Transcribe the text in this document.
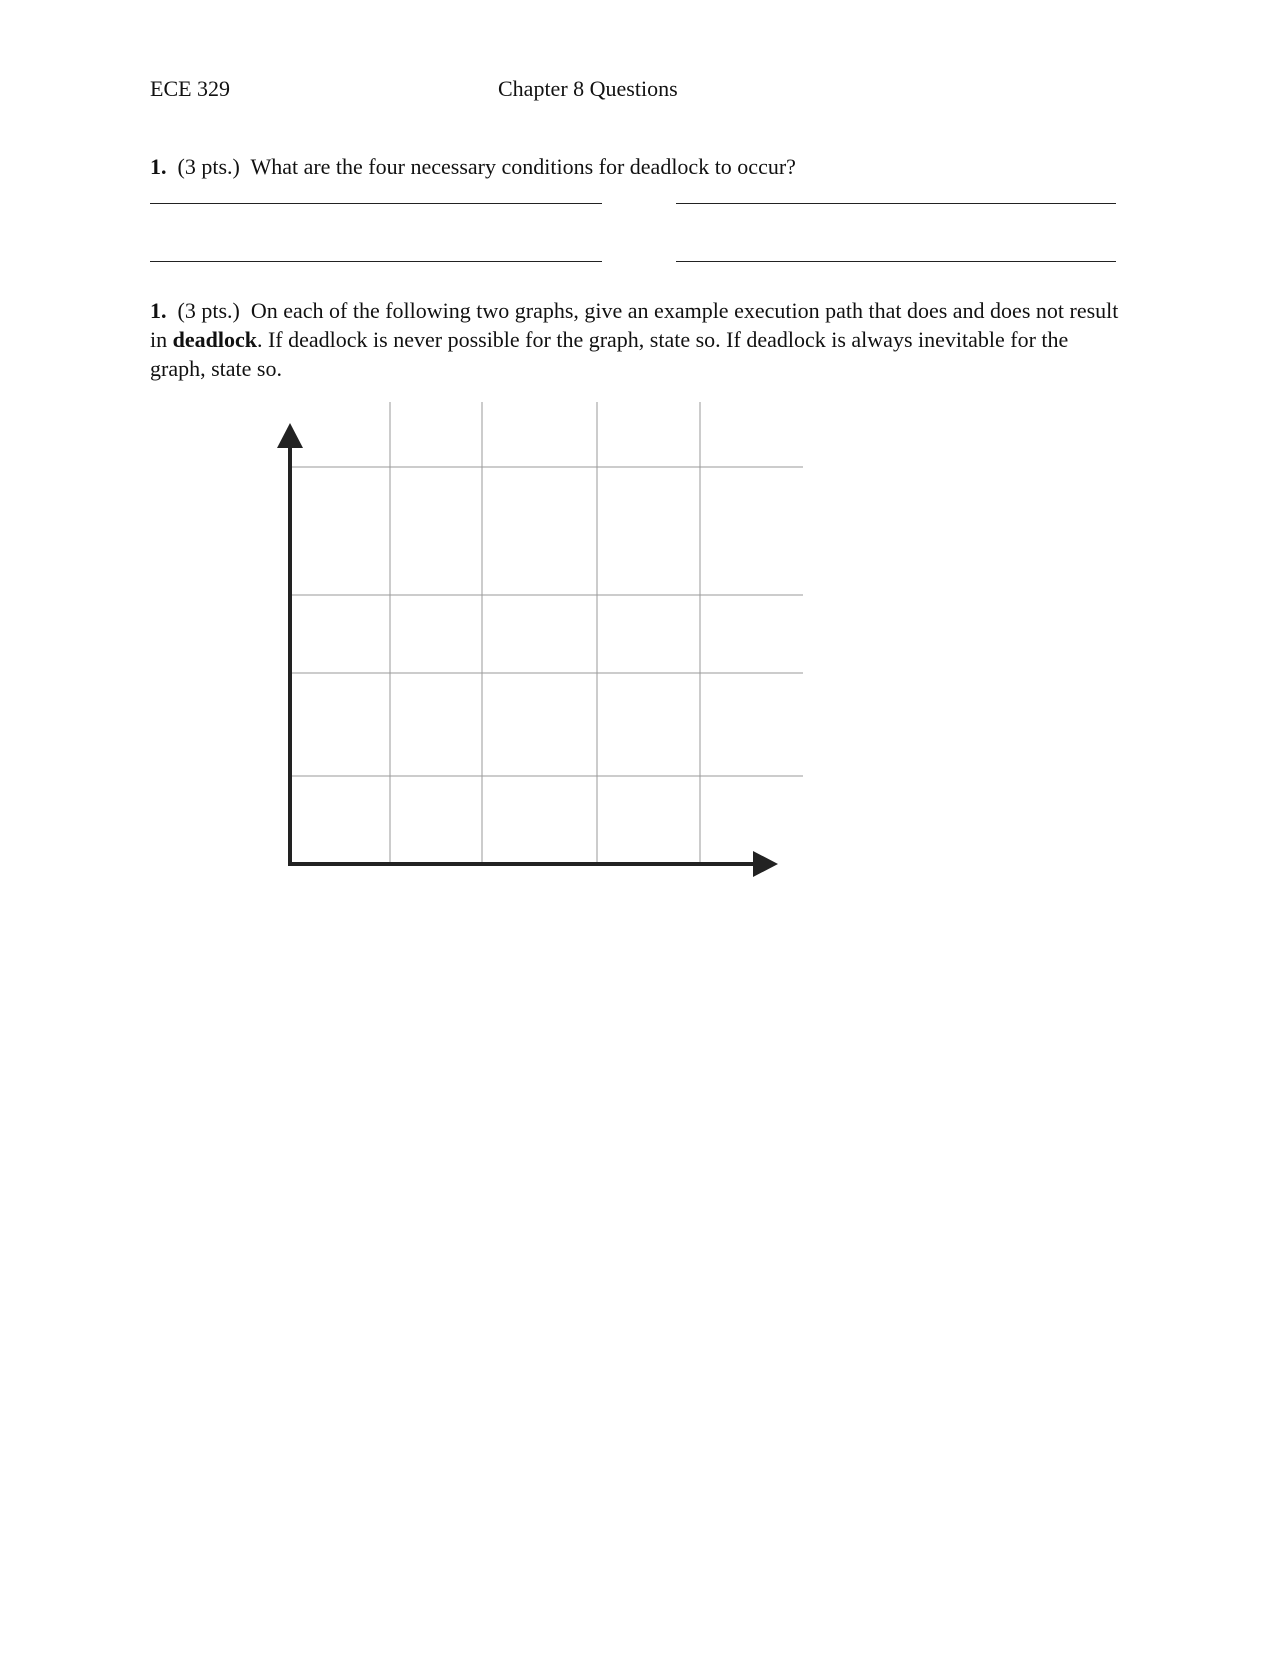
ECE 329	Chapter 8 Questions
1. (3 pts.) What are the four necessary conditions for deadlock to occur?
1. (3 pts.) On each of the following two graphs, give an example execution path that does and does not result in deadlock. If deadlock is never possible for the graph, state so. If deadlock is always inevitable for the graph, state so.
